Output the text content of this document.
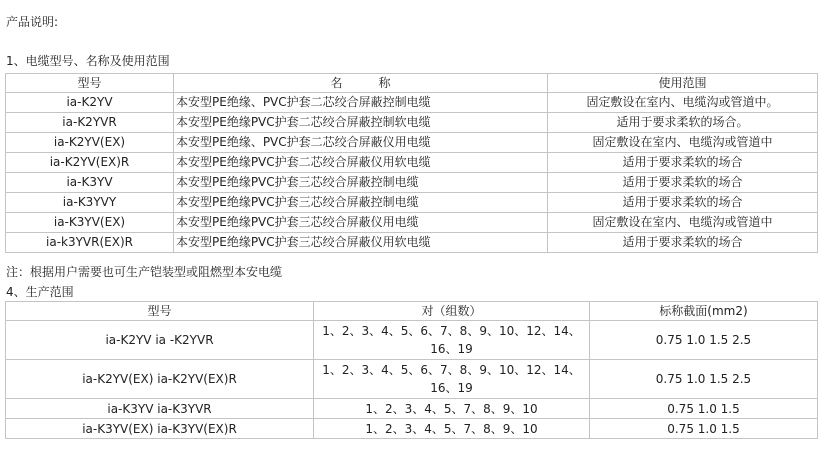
产品说明:
1、电缆型号、名称及使用范围
型号	名　　　称	使用范围
ia-K2YV	本安型PE绝缘、PVC护套二芯绞合屏蔽控制电缆	固定敷设在室内、电缆沟或管道中。
ia-K2YVR	本安型PE绝缘PVC护套二芯绞合屏蔽控制软电缆	适用于要求柔软的场合。
ia-K2YV(EX)	本安型PE绝缘、PVC护套二芯绞合屏蔽仪用电缆	固定敷设在室内、电缆沟或管道中
ia-K2YV(EX)R	本安型PE绝缘PVC护套二芯绞合屏蔽仪用软电缆	适用于要求柔软的场合
ia-K3YV	本安型PE绝缘PVC护套三芯绞合屏蔽控制电缆	适用于要求柔软的场合
ia-K3YVY	本安型PE绝缘PVC护套三芯绞合屏蔽控制电缆	适用于要求柔软的场合
ia-K3YV(EX)	本安型PE绝缘PVC护套三芯绞合屏蔽仪用电缆	固定敷设在室内、电缆沟或管道中
ia-k3YVR(EX)R	本安型PE绝缘PVC护套三芯绞合屏蔽仪用软电缆	适用于要求柔软的场合
注：根据用户需要也可生产铠装型或阻燃型本安电缆
4、生产范围
型号	对（组数）	标称截面(mm2)
ia-K2YV ia -K2YVR	1、2、3、4、5、6、7、8、9、10、12、14、16、19	0.75 1.0 1.5 2.5
ia-K2YV(EX) ia-K2YV(EX)R	1、2、3、4、5、6、7、8、9、10、12、14、16、19	0.75 1.0 1.5 2.5
ia-K3YV ia-K3YVR	1、2、3、4、5、7、8、9、10	0.75 1.0 1.5
ia-K3YV(EX) ia-K3YV(EX)R	1、2、3、4、5、7、8、9、10	0.75 1.0 1.5
